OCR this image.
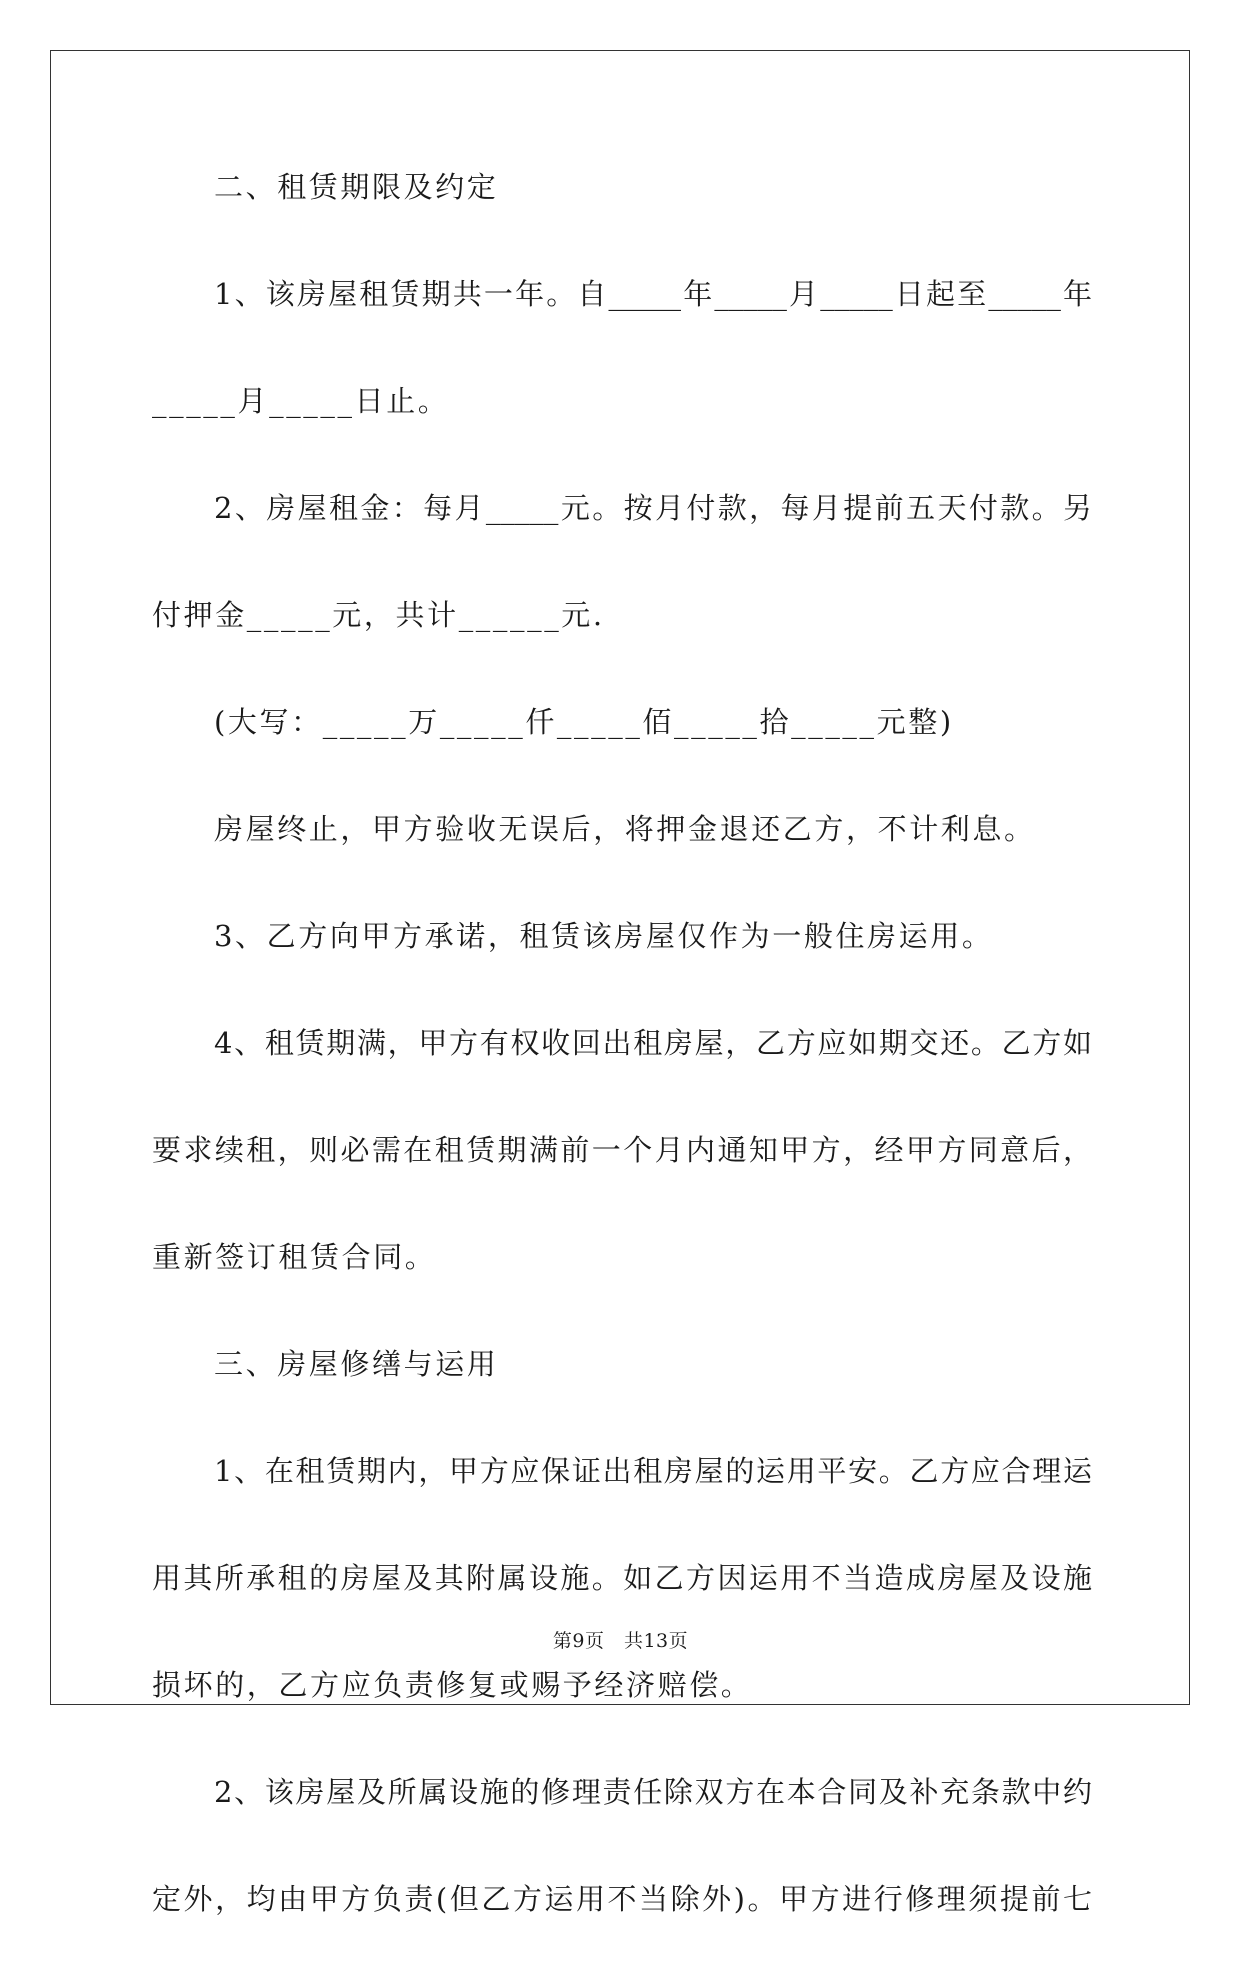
二、租赁期限及约定
1、该房屋租赁期共一年。自_____年_____月_____日起至_____年
_____月_____日止。
2、房屋租金：每月_____元。按月付款，每月提前五天付款。另
付押金_____元，共计______元.
(大写：_____万_____仟_____佰_____拾_____元整)
房屋终止，甲方验收无误后，将押金退还乙方，不计利息。
3、乙方向甲方承诺，租赁该房屋仅作为一般住房运用。
4、租赁期满，甲方有权收回出租房屋，乙方应如期交还。乙方如
要求续租，则必需在租赁期满前一个月内通知甲方，经甲方同意后，
重新签订租赁合同。
三、房屋修缮与运用
1、在租赁期内，甲方应保证出租房屋的运用平安。乙方应合理运
用其所承租的房屋及其附属设施。如乙方因运用不当造成房屋及设施
损坏的，乙方应负责修复或赐予经济赔偿。
2、该房屋及所属设施的修理责任除双方在本合同及补充条款中约
定外，均由甲方负责(但乙方运用不当除外)。甲方进行修理须提前七
第9页　共13页
